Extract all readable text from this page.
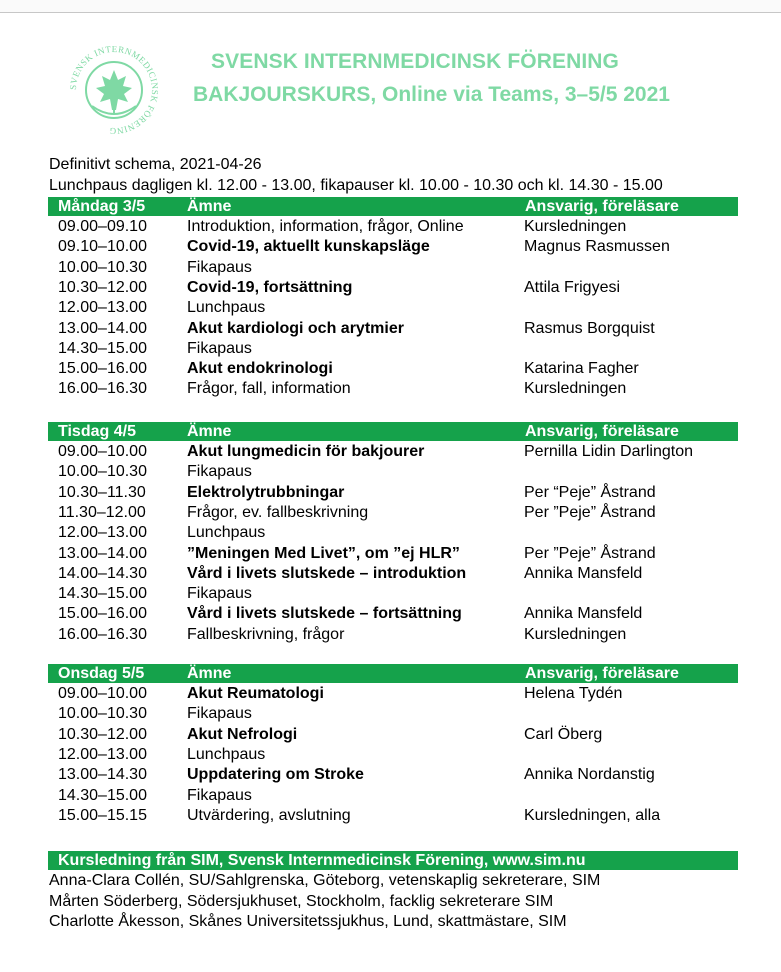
SVENSK INTERNMEDICINSK FÖRENING
SVENSK INTERNMEDICINSK FÖRENING
BAKJOURSKURS, Online via Teams, 3–5/5 2021
Definitivt schema, 2021-04-26
Lunchpaus dagligen kl. 12.00 - 13.00, fikapauser kl. 10.00 - 10.30 och kl. 14.30 - 15.00
Måndag 3/5	Ämne	Ansvarig, föreläsare
09.00–09.10	Introduktion, information, frågor, Online	Kursledningen
09.10–10.00	Covid-19, aktuellt kunskapsläge	Magnus Rasmussen
10.00–10.30	Fikapaus
10.30–12.00	Covid-19, fortsättning	Attila Frigyesi
12.00–13.00	Lunchpaus
13.00–14.00	Akut kardiologi och arytmier	Rasmus Borgquist
14.30–15.00	Fikapaus
15.00–16.00	Akut endokrinologi	Katarina Fagher
16.00–16.30	Frågor, fall, information	Kursledningen
Tisdag 4/5	Ämne	Ansvarig, föreläsare
09.00–10.00	Akut lungmedicin för bakjourer	Pernilla Lidin Darlington
10.00–10.30	Fikapaus
10.30–11.30	Elektrolytrubbningar	Per “Peje” Åstrand
11.30–12.00	Frågor, ev. fallbeskrivning	Per ”Peje” Åstrand
12.00–13.00	Lunchpaus
13.00–14.00	”Meningen Med Livet”, om ”ej HLR”	Per ”Peje” Åstrand
14.00–14.30	Vård i livets slutskede – introduktion	Annika Mansfeld
14.30–15.00	Fikapaus
15.00–16.00	Vård i livets slutskede – fortsättning	Annika Mansfeld
16.00–16.30	Fallbeskrivning, frågor	Kursledningen
Onsdag 5/5	Ämne	Ansvarig, föreläsare
09.00–10.00	Akut Reumatologi	Helena Tydén
10.00–10.30	Fikapaus
10.30–12.00	Akut Nefrologi	Carl Öberg
12.00–13.00	Lunchpaus
13.00–14.30	Uppdatering om Stroke	Annika Nordanstig
14.30–15.00	Fikapaus
15.00–15.15	Utvärdering, avslutning	Kursledningen, alla
Kursledning från SIM, Svensk Internmedicinsk Förening, www.sim.nu
Anna-Clara Collén, SU/Sahlgrenska, Göteborg, vetenskaplig sekreterare, SIM
Mårten Söderberg, Södersjukhuset, Stockholm, facklig sekreterare SIM
Charlotte Åkesson, Skånes Universitetssjukhus, Lund, skattmästare, SIM
